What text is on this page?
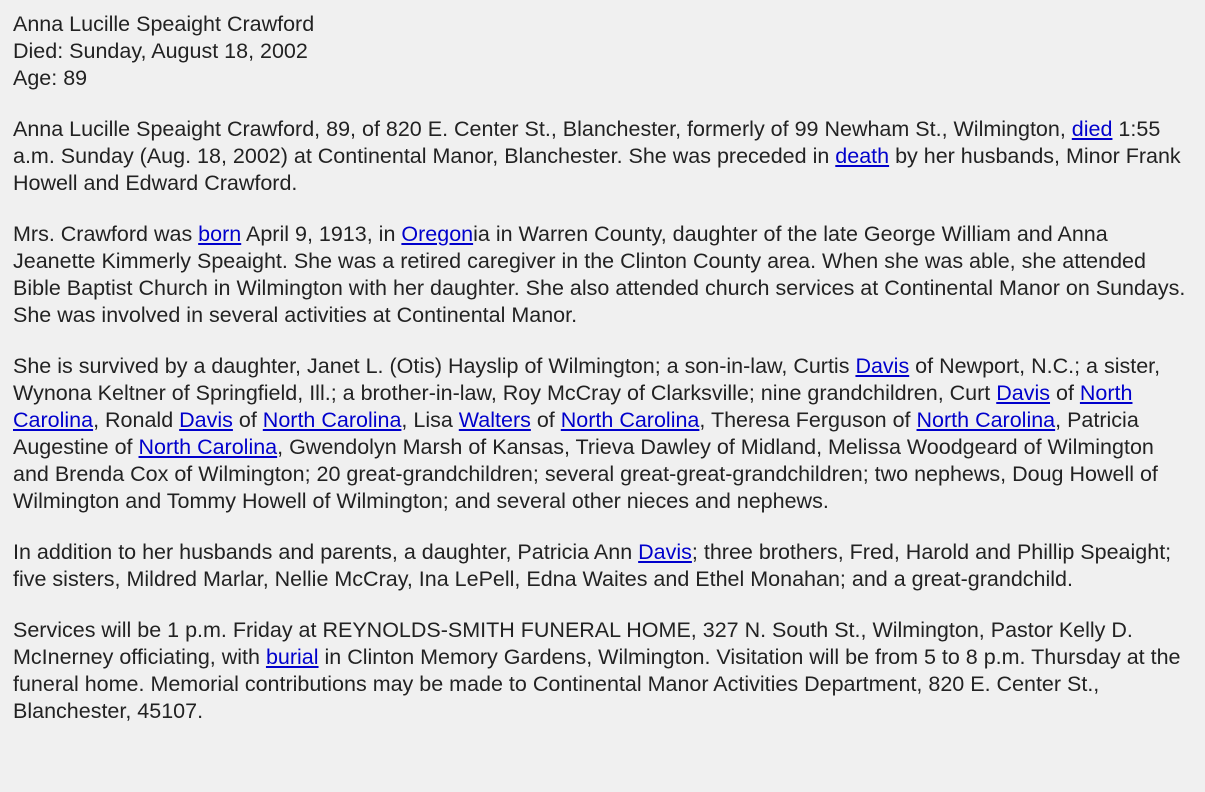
Anna Lucille Speaight Crawford
Died: Sunday, August 18, 2002
Age: 89

Anna Lucille Speaight Crawford, 89, of 820 E. Center St., Blanchester, formerly of 99 Newham St., Wilmington, died 1:55 a.m. Sunday (Aug. 18, 2002) at Continental Manor, Blanchester. She was preceded in death by her husbands, Minor Frank Howell and Edward Crawford.

Mrs. Crawford was born April 9, 1913, in Oregonia in Warren County, daughter of the late George William and Anna Jeanette Kimmerly Speaight. She was a retired caregiver in the Clinton County area. When she was able, she attended Bible Baptist Church in Wilmington with her daughter. She also attended church services at Continental Manor on Sundays. She was involved in several activities at Continental Manor.

She is survived by a daughter, Janet L. (Otis) Hayslip of Wilmington; a son-in-law, Curtis Davis of Newport, N.C.; a sister, Wynona Keltner of Springfield, Ill.; a brother-in-law, Roy McCray of Clarksville; nine grandchildren, Curt Davis of North Carolina, Ronald Davis of North Carolina, Lisa Walters of North Carolina, Theresa Ferguson of North Carolina, Patricia Augestine of North Carolina, Gwendolyn Marsh of Kansas, Trieva Dawley of Midland, Melissa Woodgeard of Wilmington and Brenda Cox of Wilmington; 20 great-grandchildren; several great-great-grandchildren; two nephews, Doug Howell of Wilmington and Tommy Howell of Wilmington; and several other nieces and nephews.

In addition to her husbands and parents, a daughter, Patricia Ann Davis; three brothers, Fred, Harold and Phillip Speaight; five sisters, Mildred Marlar, Nellie McCray, Ina LePell, Edna Waites and Ethel Monahan; and a great-grandchild.

Services will be 1 p.m. Friday at REYNOLDS-SMITH FUNERAL HOME, 327 N. South St., Wilmington, Pastor Kelly D. McInerney officiating, with burial in Clinton Memory Gardens, Wilmington. Visitation will be from 5 to 8 p.m. Thursday at the funeral home. Memorial contributions may be made to Continental Manor Activities Department, 820 E. Center St., Blanchester, 45107.
